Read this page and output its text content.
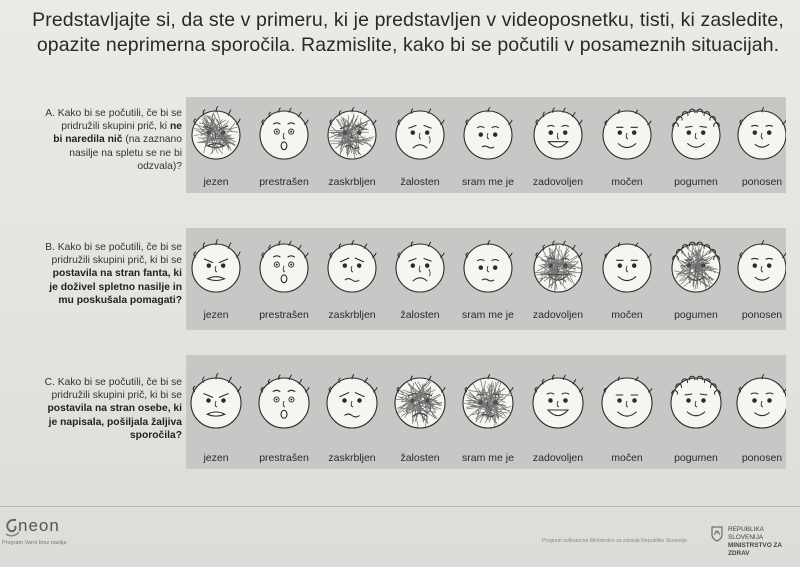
Predstavljajte si, da ste v primeru, ki je predstavljen v videoposnetku, tisti, ki zasledite,
opazite neprimerna sporočila. Razmislite, kako bi se počutili v posameznih situacijah.
A. Kako bi se počutili, če bi se
pridružili skupini prič, ki ne
bi naredila nič (na zaznano
nasilje na spletu se ne bi
odzvala)?
jezen	prestrašen zaskrbljen žalosten sram me je zadovoljen	močen	pogumen ponosen
B. Kako bi se počutili, če bi se
pridružili skupini prič, ki bi se
postavila na stran fanta, ki
je doživel spletno nasilje in
mu poskušala pomagati?
jezen	prestrašen zaskrbljen žalosten sram me je zadovoljen	močen	pogumen ponosen
C. Kako bi se počutili, če bi se
pridružili skupini prič, ki bi se
postavila na stran osebe, ki
je napisala, pošiljala žaljiva
sporočila?
jezen	prestrašen zaskrbljen žalosten sram me je zadovoljen	močen	pogumen ponosen
neon
Program Varni brez nasilja	Program sofinancira Ministrstvo za zdravje Republike Slovenije.
REPUBLIKA SLOVENIJA
MINISTRSTVO ZA ZDRAV
